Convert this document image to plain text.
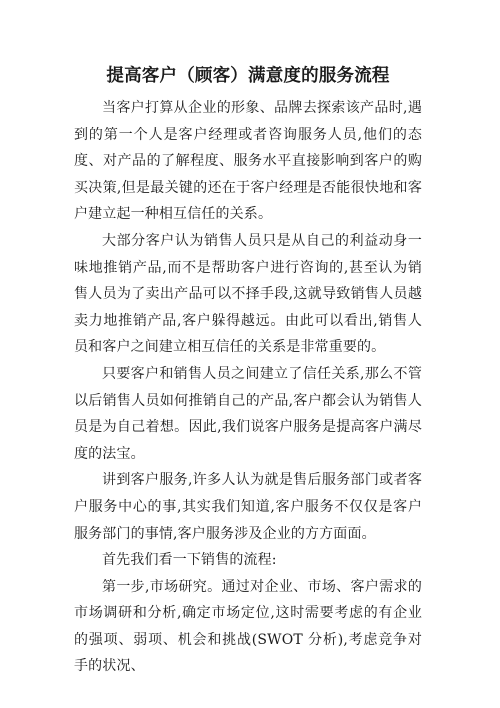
提高客户（顾客）满意度的服务流程

当客户打算从企业的形象、品牌去探索该产品时,遇到的第一个人是客户经理或者咨询服务人员,他们的态度、对产品的了解程度、服务水平直接影响到客户的购买决策,但是最关键的还在于客户经理是否能很快地和客户建立起一种相互信任的关系。

大部分客户认为销售人员只是从自己的利益动身一味地推销产品,而不是帮助客户进行咨询的,甚至认为销售人员为了卖出产品可以不择手段,这就导致销售人员越卖力地推销产品,客户躲得越远。由此可以看出,销售人员和客户之间建立相互信任的关系是非常重要的。

只要客户和销售人员之间建立了信任关系,那么不管以后销售人员如何推销自己的产品,客户都会认为销售人员是为自己着想。因此,我们说客户服务是提高客户满尽度的法宝。

讲到客户服务,许多人认为就是售后服务部门或者客户服务中心的事,其实我们知道,客户服务不仅仅是客户服务部门的事情,客户服务涉及企业的方方面面。

首先我们看一下销售的流程:

第一步,市场研究。通过对企业、市场、客户需求的市场调研和分析,确定市场定位,这时需要考虑的有企业的强项、弱项、机会和挑战(SWOT 分析),考虑竞争对手的状况、
